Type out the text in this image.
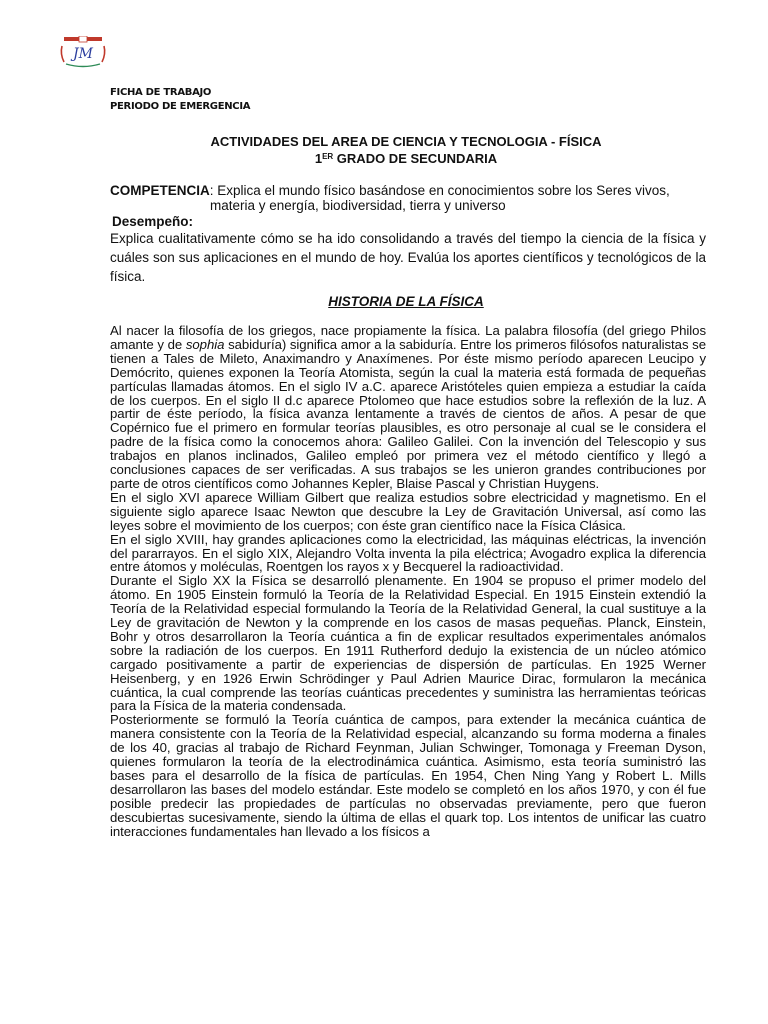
JM
FICHA DE TRABAJO
PERIODO DE EMERGENCIA
ACTIVIDADES DEL AREA DE CIENCIA Y TECNOLOGIA - FÍSICA
1ER GRADO DE SECUNDARIA
COMPETENCIA: Explica el mundo físico basándose en conocimientos sobre los Seres vivos,
materia y energía, biodiversidad, tierra y universo
Desempeño:
Explica cualitativamente cómo se ha ido consolidando a través del tiempo la ciencia de la física y cuáles son sus aplicaciones en el mundo de hoy. Evalúa los aportes científicos y tecnológicos de la física.
HISTORIA DE LA FÍSICA

Al nacer la filosofía de los griegos, nace propiamente la física. La palabra filosofía (del griego Philos amante y de sophia sabiduría) significa amor a la sabiduría. Entre los primeros filósofos naturalistas se tienen a Tales de Mileto, Anaximandro y Anaxímenes. Por éste mismo período aparecen Leucipo y Demócrito, quienes exponen la Teoría Atomista, según la cual la materia está formada de pequeñas partículas llamadas átomos. En el siglo IV a.C. aparece Aristóteles quien empieza a estudiar la caída de los cuerpos. En el siglo II d.c aparece Ptolomeo que hace estudios sobre la reflexión de la luz. A partir de éste período, la física avanza lentamente a través de cientos de años. A pesar de que Copérnico fue el primero en formular teorías plausibles, es otro personaje al cual se le considera el padre de la física como la conocemos ahora: Galileo Galilei. Con la invención del Telescopio y sus trabajos en planos inclinados, Galileo empleó por primera vez el método científico y llegó a conclusiones capaces de ser verificadas. A sus trabajos se les unieron grandes contribuciones por parte de otros científicos como Johannes Kepler, Blaise Pascal y Christian Huygens.

En el siglo XVI aparece William Gilbert que realiza estudios sobre electricidad y magnetismo. En el siguiente siglo aparece Isaac Newton que descubre la Ley de Gravitación Universal, así como las leyes sobre el movimiento de los cuerpos; con éste gran científico nace la Física Clásica.

En el siglo XVIII, hay grandes aplicaciones como la electricidad, las máquinas eléctricas, la invención del pararrayos. En el siglo XIX, Alejandro Volta inventa la pila eléctrica; Avogadro explica la diferencia entre átomos y moléculas, Roentgen los rayos x y Becquerel la radioactividad.

Durante el Siglo XX la Física se desarrolló plenamente. En 1904 se propuso el primer modelo del átomo. En 1905 Einstein formuló la Teoría de la Relatividad Especial. En 1915 Einstein extendió la Teoría de la Relatividad especial formulando la Teoría de la Relatividad General, la cual sustituye a la Ley de gravitación de Newton y la comprende en los casos de masas pequeñas. Planck, Einstein, Bohr y otros desarrollaron la Teoría cuántica a fin de explicar resultados experimentales anómalos sobre la radiación de los cuerpos. En 1911 Rutherford dedujo la existencia de un núcleo atómico cargado positivamente a partir de experiencias de dispersión de partículas. En 1925 Werner Heisenberg, y en 1926 Erwin Schrödinger y Paul Adrien Maurice Dirac, formularon la mecánica cuántica, la cual comprende las teorías cuánticas precedentes y suministra las herramientas teóricas para la Física de la materia condensada.

Posteriormente se formuló la Teoría cuántica de campos, para extender la mecánica cuántica de manera consistente con la Teoría de la Relatividad especial, alcanzando su forma moderna a finales de los 40, gracias al trabajo de Richard Feynman, Julian Schwinger, Tomonaga y Freeman Dyson, quienes formularon la teoría de la electrodinámica cuántica. Asimismo, esta teoría suministró las bases para el desarrollo de la física de partículas. En 1954, Chen Ning Yang y Robert L. Mills desarrollaron las bases del modelo estándar. Este modelo se completó en los años 1970, y con él fue posible predecir las propiedades de partículas no observadas previamente, pero que fueron descubiertas sucesivamente, siendo la última de ellas el quark top. Los intentos de unificar las cuatro interacciones fundamentales han llevado a los físicos a
